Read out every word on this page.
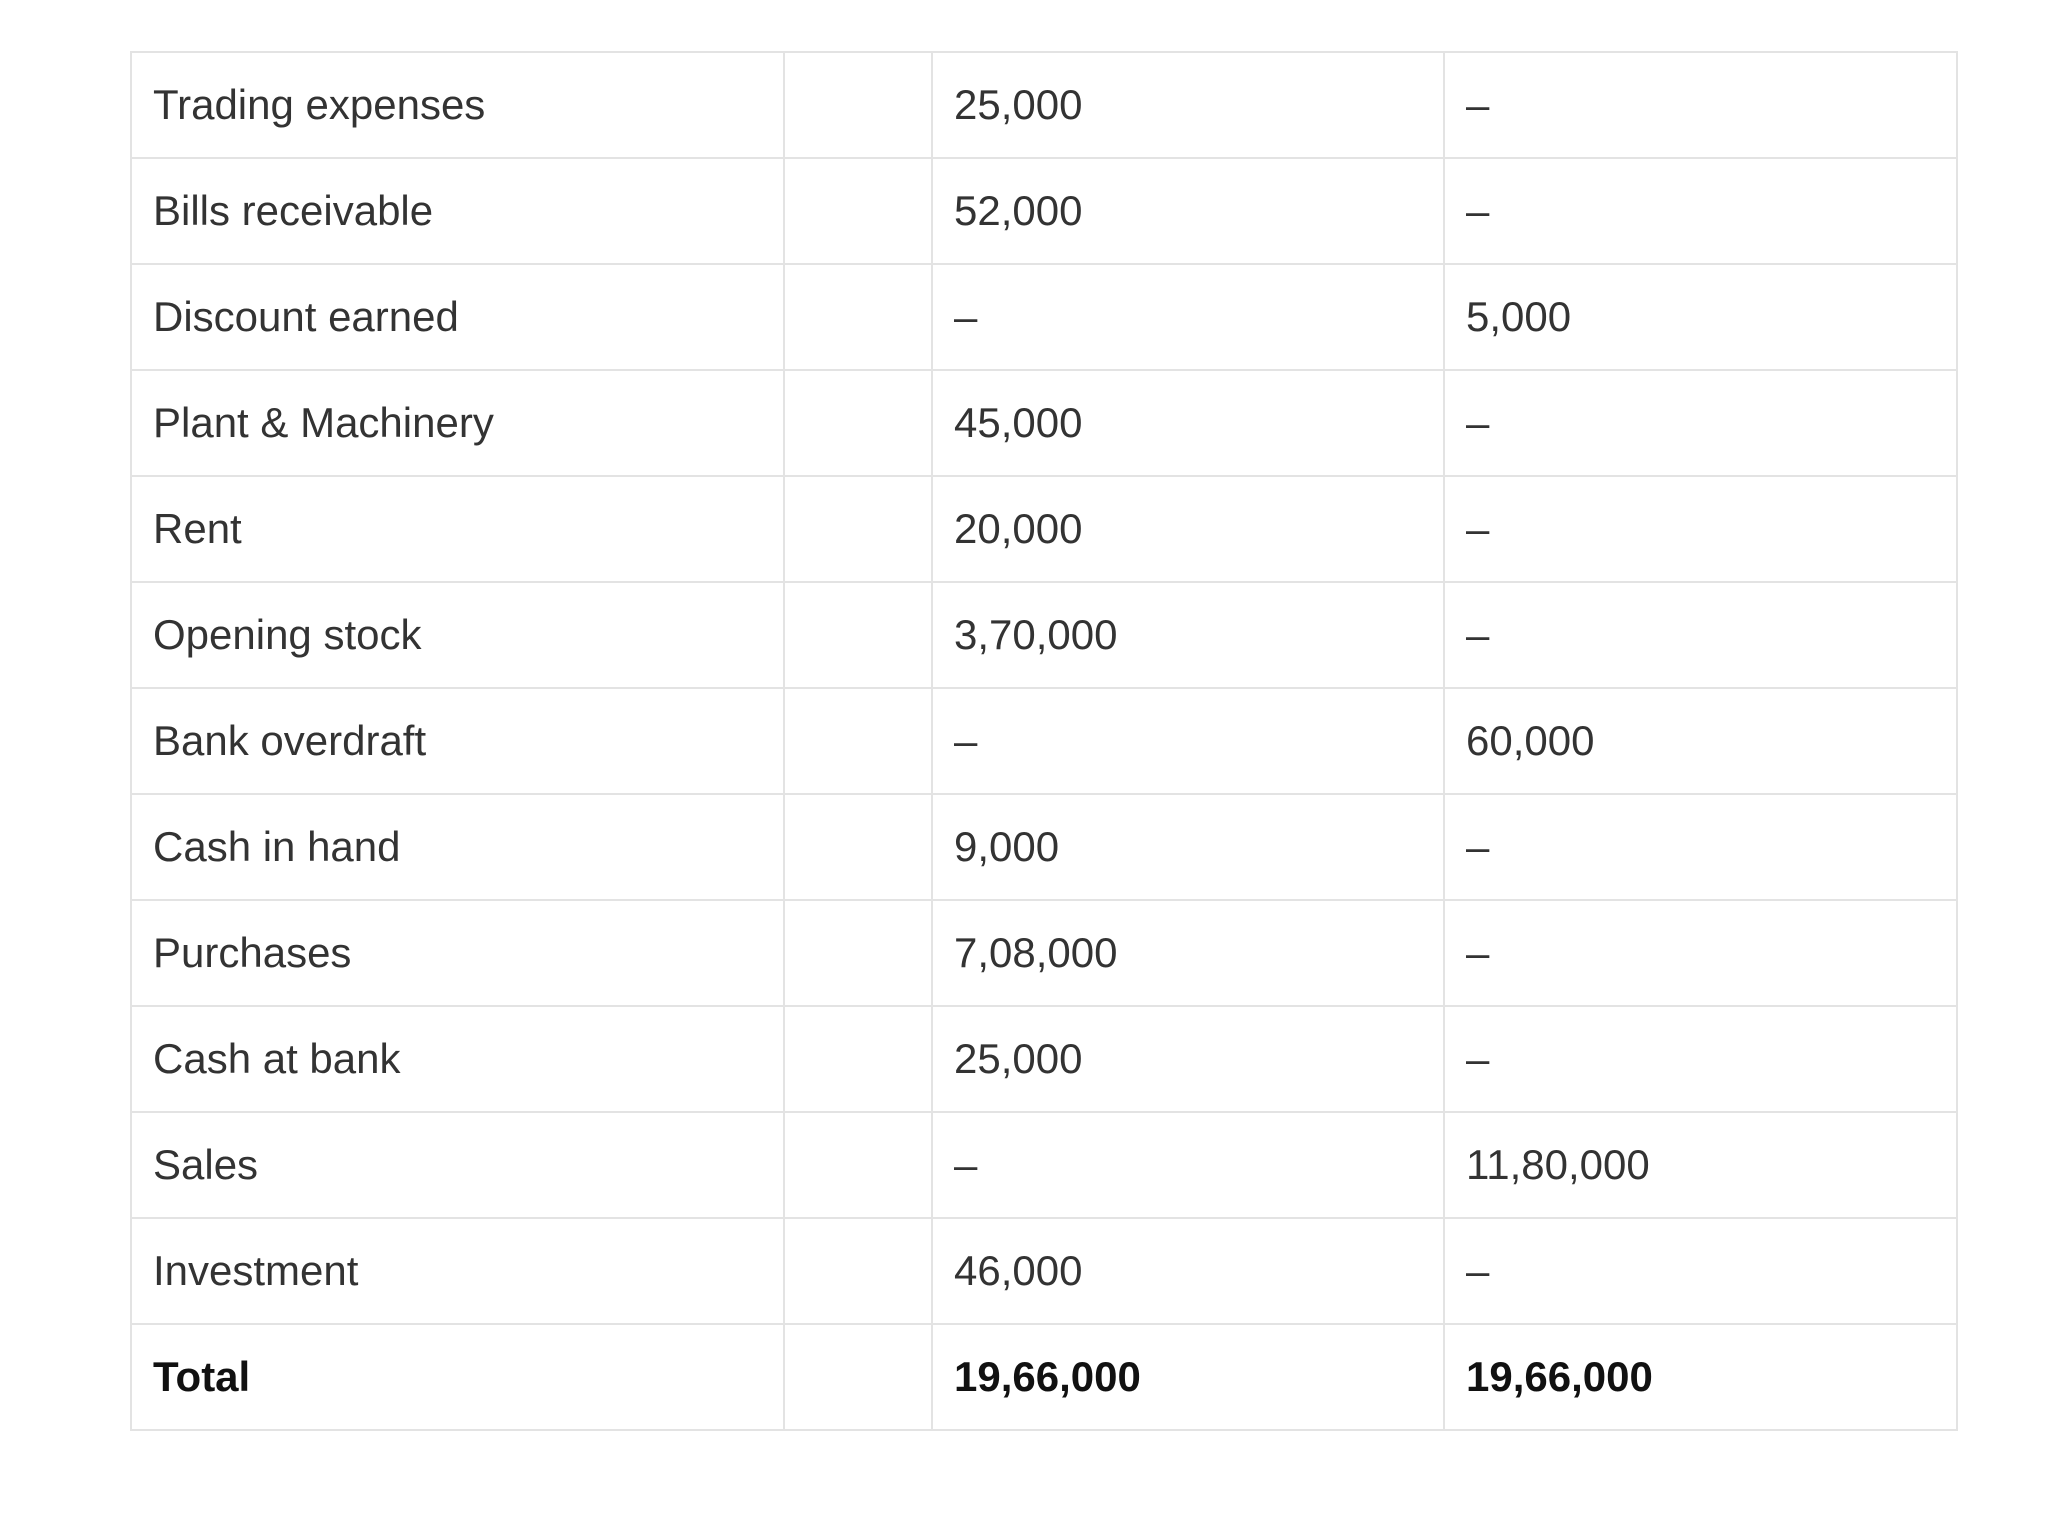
Trading expenses		25,000	–
Bills receivable		52,000	–
Discount earned		–	5,000
Plant & Machinery		45,000	–
Rent		20,000	–
Opening stock		3,70,000	–
Bank overdraft		–	60,000
Cash in hand		9,000	–
Purchases		7,08,000	–
Cash at bank		25,000	–
Sales		–	11,80,000
Investment		46,000	–
Total		19,66,000	19,66,000
